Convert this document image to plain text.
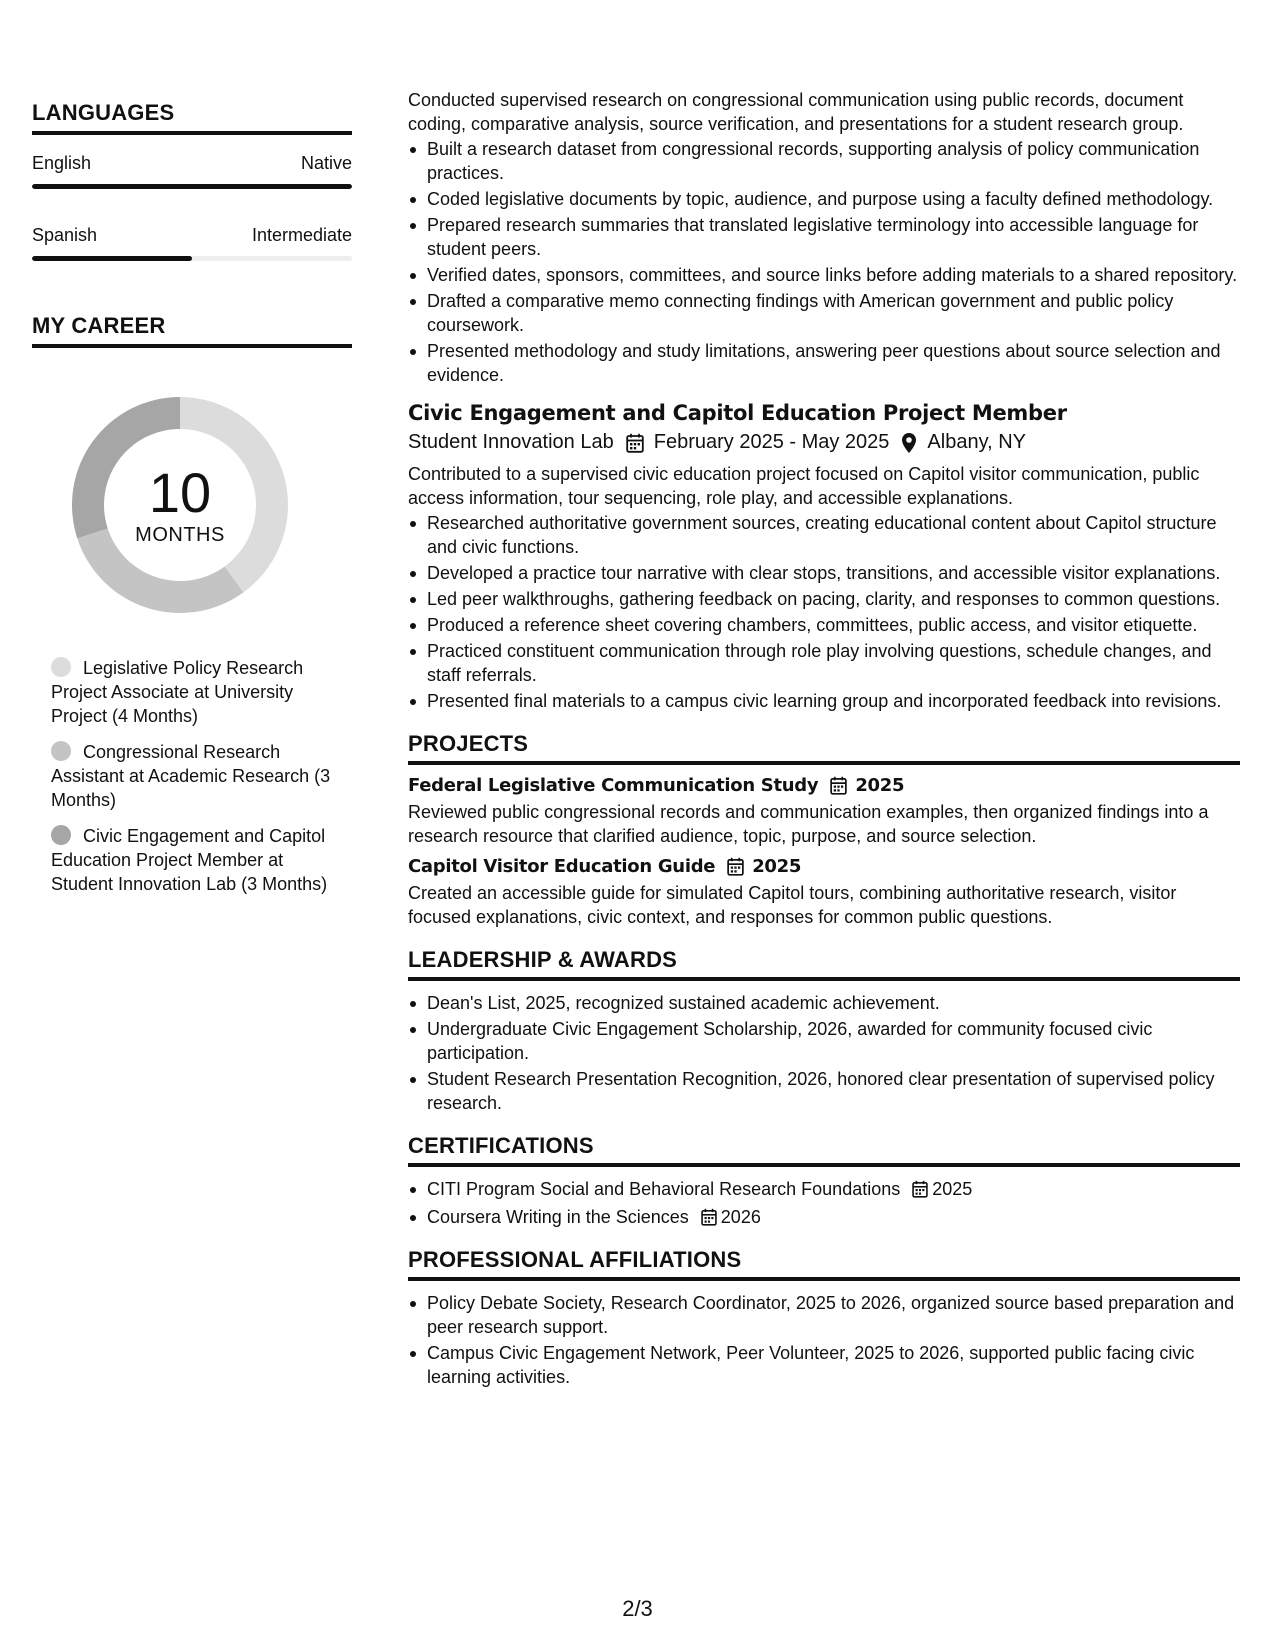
LANGUAGES
English	Native
Spanish	Intermediate
MY CAREER
10
MONTHS
Legislative Policy Research Project Associate at University Project (4 Months)
Congressional Research Assistant at Academic Research (3 Months)
Civic Engagement and Capitol Education Project Member at Student Innovation Lab (3 Months)
Conducted supervised research on congressional communication using public records, document coding, comparative analysis, source verification, and presentations for a student research group.
Built a research dataset from congressional records, supporting analysis of policy communication practices.
Coded legislative documents by topic, audience, and purpose using a faculty defined methodology.
Prepared research summaries that translated legislative terminology into accessible language for student peers.
Verified dates, sponsors, committees, and source links before adding materials to a shared repository.
Drafted a comparative memo connecting findings with American government and public policy coursework.
Presented methodology and study limitations, answering peer questions about source selection and evidence.
Civic Engagement and Capitol Education Project Member
Student Innovation Lab February 2025 - May 2025 Albany, NY
Contributed to a supervised civic education project focused on Capitol visitor communication, public access information, tour sequencing, role play, and accessible explanations.
Researched authoritative government sources, creating educational content about Capitol structure and civic functions.
Developed a practice tour narrative with clear stops, transitions, and accessible visitor explanations.
Led peer walkthroughs, gathering feedback on pacing, clarity, and responses to common questions.
Produced a reference sheet covering chambers, committees, public access, and visitor etiquette.
Practiced constituent communication through role play involving questions, schedule changes, and staff referrals.
Presented final materials to a campus civic learning group and incorporated feedback into revisions.
PROJECTS
Federal Legislative Communication Study 2025
Reviewed public congressional records and communication examples, then organized findings into a research resource that clarified audience, topic, purpose, and source selection.
Capitol Visitor Education Guide 2025
Created an accessible guide for simulated Capitol tours, combining authoritative research, visitor focused explanations, civic context, and responses for common public questions.
LEADERSHIP & AWARDS
Dean's List, 2025, recognized sustained academic achievement.
Undergraduate Civic Engagement Scholarship, 2026, awarded for community focused civic participation.
Student Research Presentation Recognition, 2026, honored clear presentation of supervised policy research.
CERTIFICATIONS
CITI Program Social and Behavioral Research Foundations 2025
Coursera Writing in the Sciences 2026
PROFESSIONAL AFFILIATIONS
Policy Debate Society, Research Coordinator, 2025 to 2026, organized source based preparation and peer research support.
Campus Civic Engagement Network, Peer Volunteer, 2025 to 2026, supported public facing civic learning activities.
2/3
